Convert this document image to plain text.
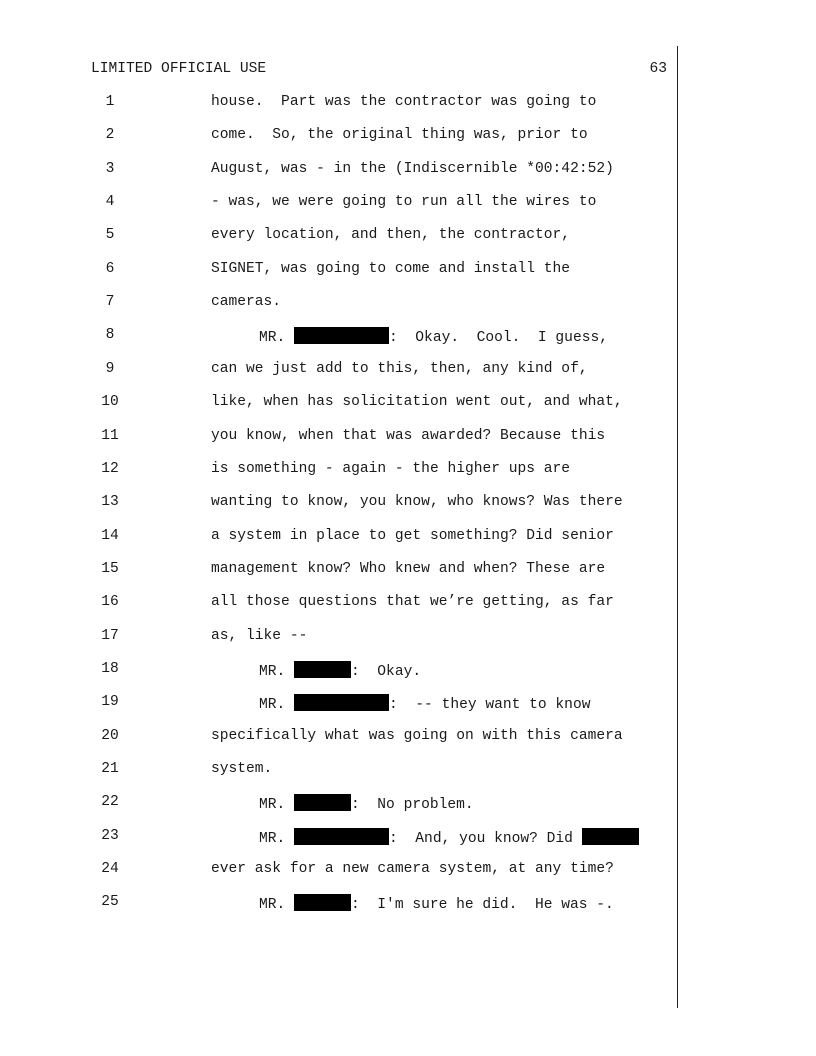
LIMITED OFFICIAL USE	63
1	house.  Part was the contractor was going to
2	come.  So, the original thing was, prior to
3	August, was - in the (Indiscernible *00:42:52)
4	- was, we were going to run all the wires to
5	every location, and then, the contractor,
6	SIGNET, was going to come and install the
7	cameras.
8	MR.	:  Okay.  Cool.  I guess,
9	can we just add to this, then, any kind of,
10	like, when has solicitation went out, and what,
11	you know, when that was awarded? Because this
12	is something - again - the higher ups are
13	wanting to know, you know, who knows? Was there
14	a system in place to get something? Did senior
15	management know? Who knew and when? These are
16	all those questions that we’re getting, as far
17	as, like --
18	MR.	:  Okay.
19	MR.	:  -- they want to know
20	specifically what was going on with this camera
21	system.
22	MR.	:  No problem.
23	MR.	:  And, you know? Did
24	ever ask for a new camera system, at any time?
25	MR.	:  I'm sure he did.  He was -.
